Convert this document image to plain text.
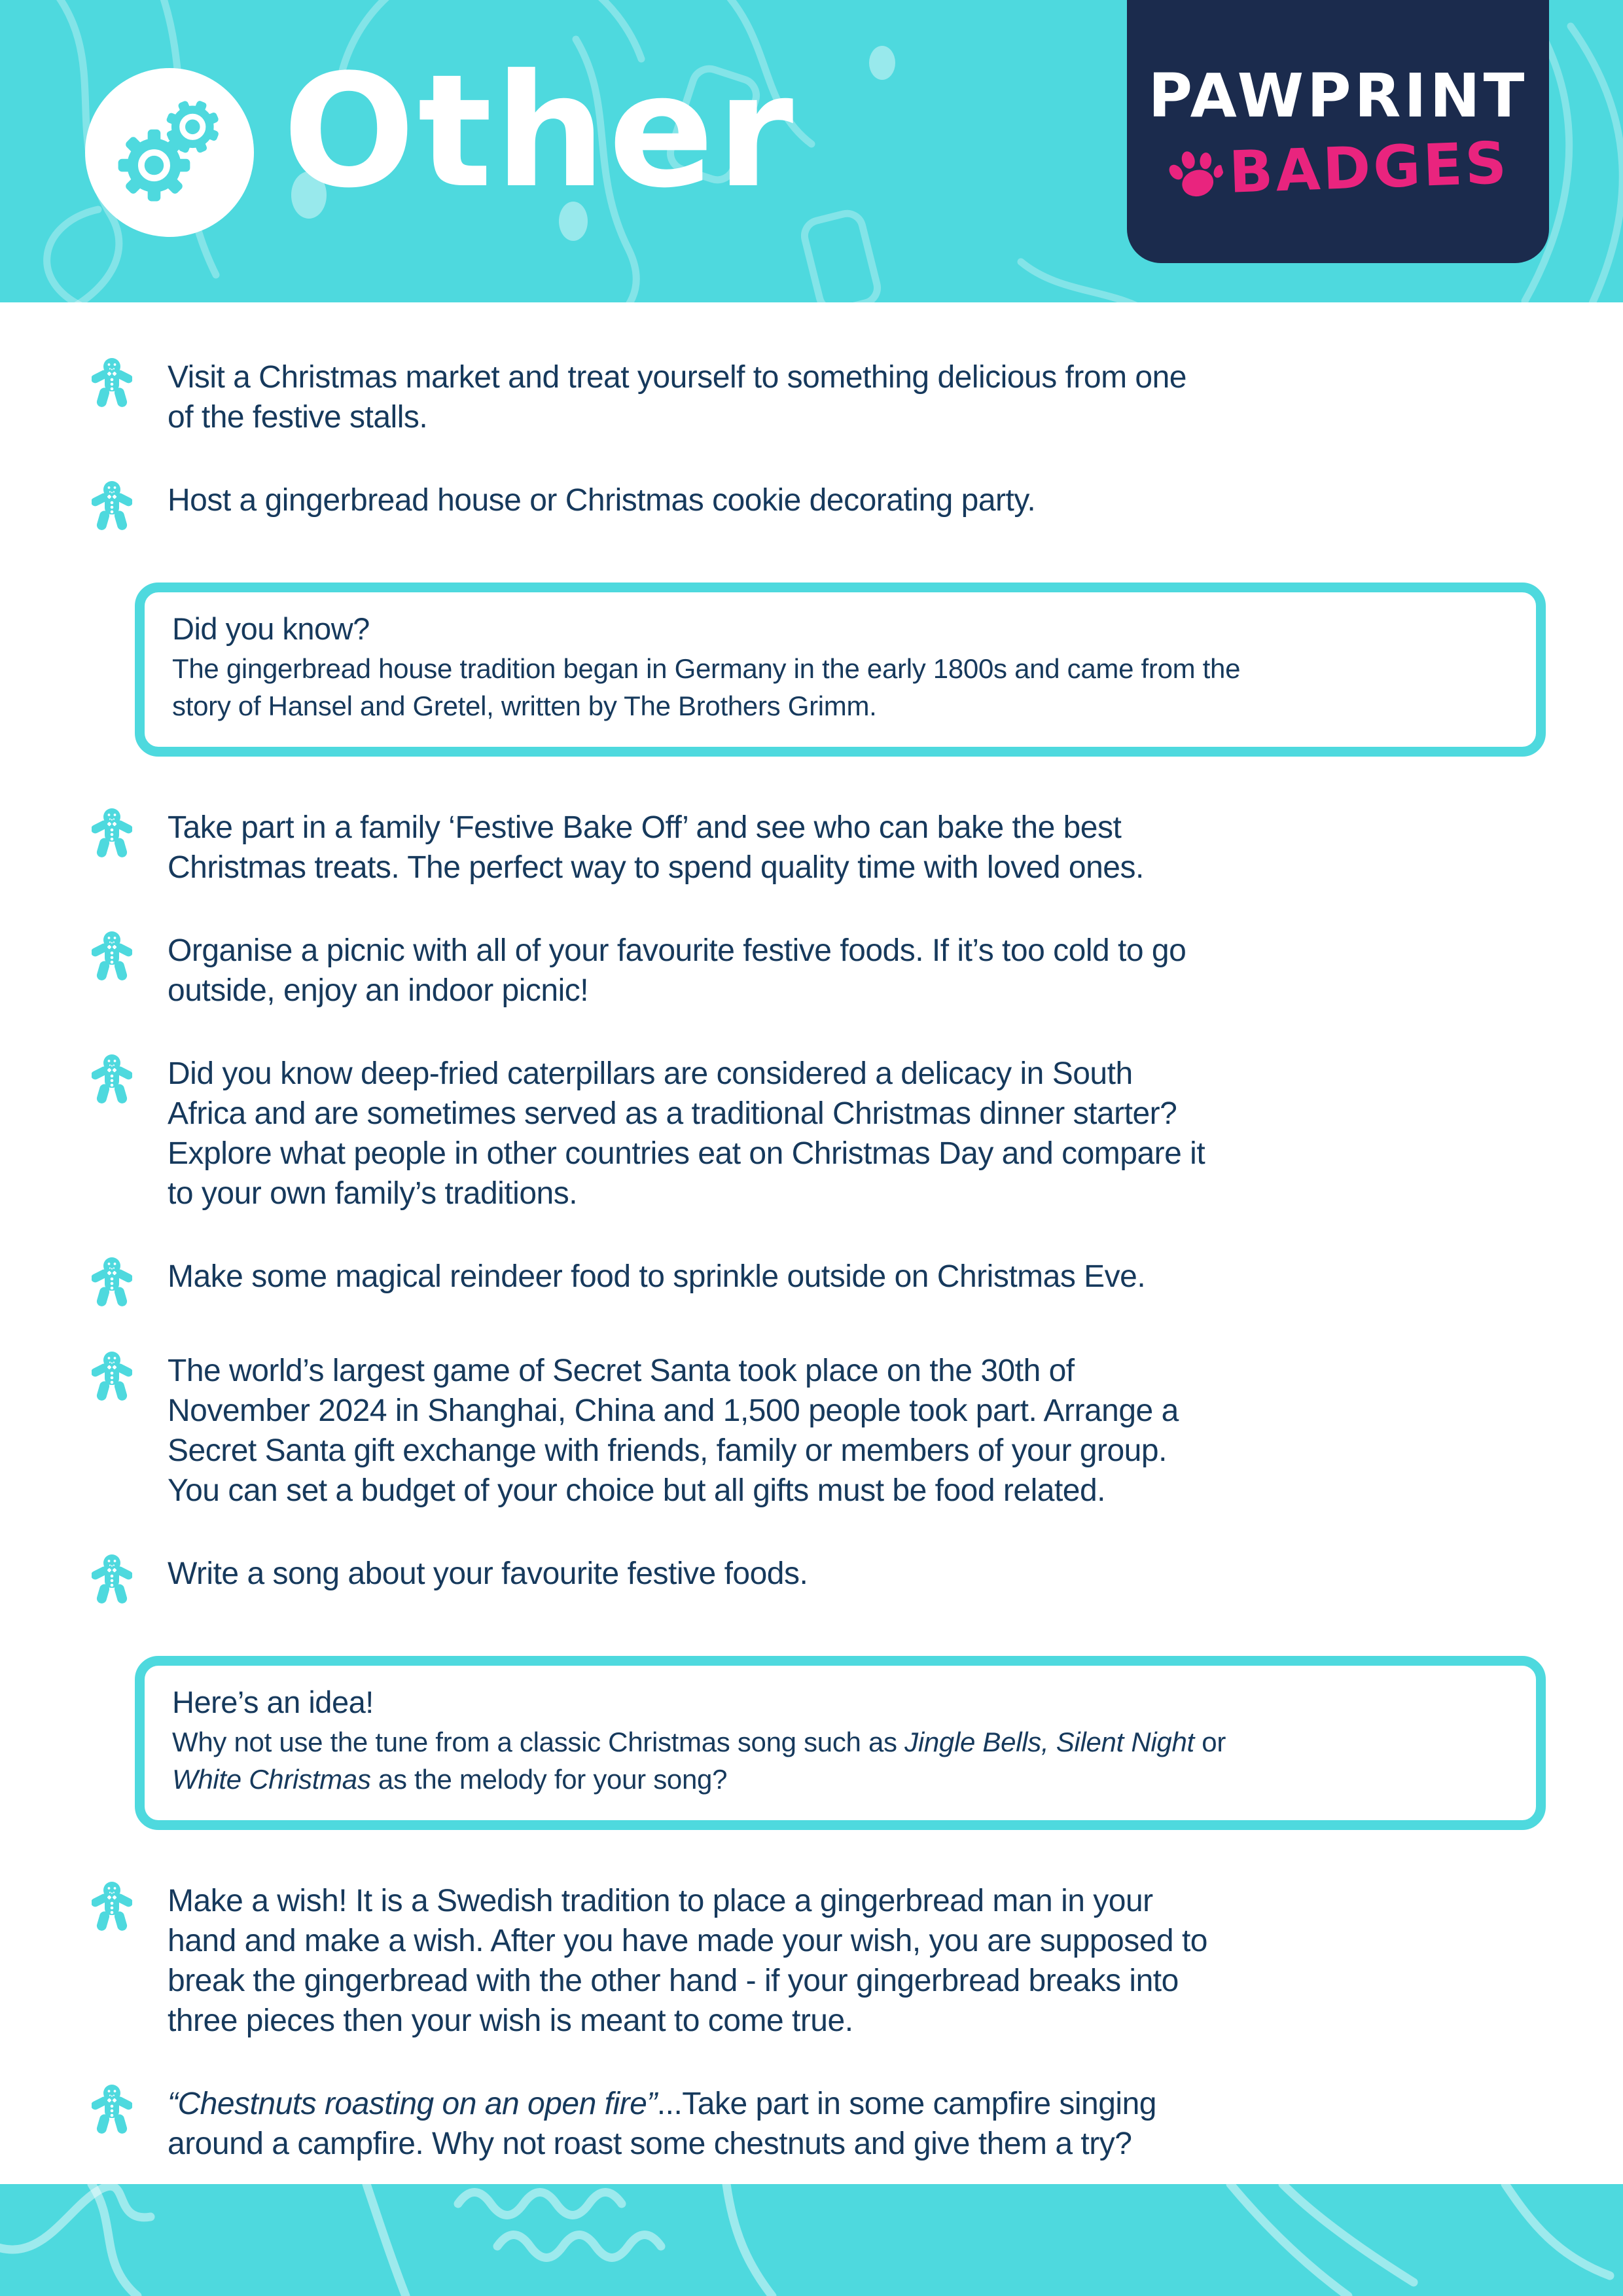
Other	PAWPRINT
BADGES

Visit a Christmas market and treat yourself to something delicious from one
of the festive stalls.

Host a gingerbread house or Christmas cookie decorating party.

Did you know?

The gingerbread house tradition began in Germany in the early 1800s and came from the
story of Hansel and Gretel, written by The Brothers Grimm.

Take part in a family ‘Festive Bake Off’ and see who can bake the best
Christmas treats. The perfect way to spend quality time with loved ones.

Organise a picnic with all of your favourite festive foods. If it’s too cold to go
outside, enjoy an indoor picnic!

Did you know deep-fried caterpillars are considered a delicacy in South
Africa and are sometimes served as a traditional Christmas dinner starter?
Explore what people in other countries eat on Christmas Day and compare it
to your own family’s traditions.

Make some magical reindeer food to sprinkle outside on Christmas Eve.

The world’s largest game of Secret Santa took place on the 30th of
November 2024 in Shanghai, China and 1,500 people took part. Arrange a
Secret Santa gift exchange with friends, family or members of your group.
You can set a budget of your choice but all gifts must be food related.

Write a song about your favourite festive foods.

Here’s an idea!

Why not use the tune from a classic Christmas song such as Jingle Bells, Silent Night or
White Christmas as the melody for your song?

Make a wish! It is a Swedish tradition to place a gingerbread man in your
hand and make a wish. After you have made your wish, you are supposed to
break the gingerbread with the other hand - if your gingerbread breaks into
three pieces then your wish is meant to come true.

“Chestnuts roasting on an open fire”...Take part in some campfire singing
around a campfire. Why not roast some chestnuts and give them a try?
